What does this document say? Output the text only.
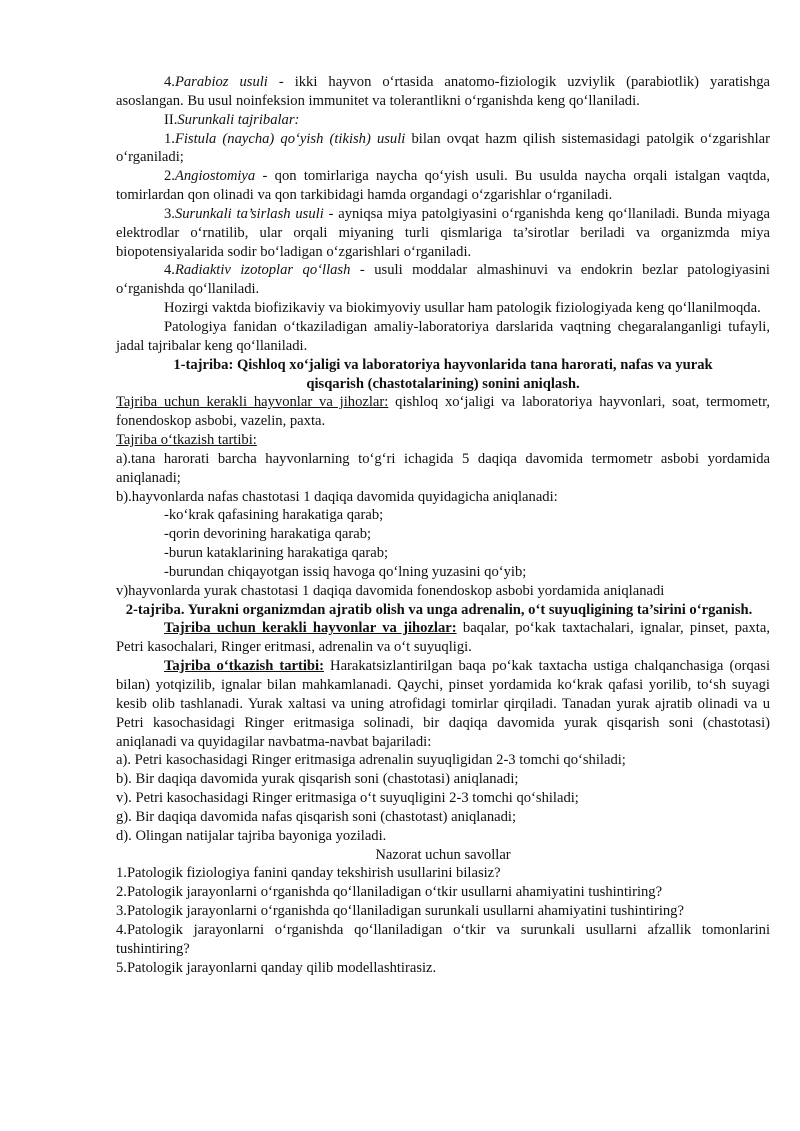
4.Parabioz usuli - ikki hayvon o‘rtasida anatomo-fiziologik uzviylik (parabiotlik) yaratishga asoslangan. Bu usul noinfeksion immunitet va tolerantlikni o‘rganishda keng qo‘llaniladi.

II.Surunkali tajribalar:

1.Fistula (naycha) qo‘yish (tikish) usuli bilan ovqat hazm qilish sistemasidagi patolgik o‘zgarishlar o‘rganiladi;

2.Angiostomiya - qon tomirlariga naycha qo‘yish usuli. Bu usulda naycha orqali istalgan vaqtda, tomirlardan qon olinadi va qon tarkibidagi hamda organdagi o‘zgarishlar o‘rganiladi.

3.Surunkali ta’sirlash usuli - ayniqsa miya patolgiyasini o‘rganishda keng qo‘llaniladi. Bunda miyaga elektrodlar o‘rnatilib, ular orqali miyaning turli qismlariga ta’sirotlar beriladi va organizmda miya biopotensiyalarida sodir bo‘ladigan o‘zgarishlari o‘rganiladi.

4.Radiaktiv izotoplar qo‘llash - usuli moddalar almashinuvi va endokrin bezlar patologiyasini o‘rganishda qo‘llaniladi.

Hozirgi vaktda biofizikaviy va biokimyoviy usullar ham patologik fiziologiyada keng qo‘llanilmoqda.

Patologiya fanidan o‘tkaziladigan amaliy-laboratoriya darslarida vaqtning chegaralanganligi tufayli, jadal tajribalar keng qo‘llaniladi.

1-tajriba: Qishloq xo‘jaligi va laboratoriya hayvonlarida tana harorati, nafas va yurak qisqarish (chastotalarining) sonini aniqlash.

Tajriba uchun kerakli hayvonlar va jihozlar: qishloq xo‘jaligi va laboratoriya hayvonlari, soat, termometr, fonendoskop asbobi, vazelin, paxta.

Tajriba o‘tkazish tartibi:

a).tana harorati barcha hayvonlarning to‘g‘ri ichagida 5 daqiqa davomida termometr asbobi yordamida aniqlanadi;

b).hayvonlarda nafas chastotasi 1 daqiqa davomida quyidagicha aniqlanadi:

-ko‘krak qafasining harakatiga qarab;

-qorin devorining harakatiga qarab;

-burun kataklarining harakatiga qarab;

-burundan chiqayotgan issiq havoga qo‘lning yuzasini qo‘yib;

v)hayvonlarda yurak chastotasi 1 daqiqa davomida fonendoskop asbobi yordamida aniqlanadi

2-tajriba. Yurakni organizmdan ajratib olish va unga adrenalin, o‘t suyuqligining ta’sirini o‘rganish.

Tajriba uchun kerakli hayvonlar va jihozlar: baqalar, po‘kak taxtachalari, ignalar, pinset, paxta, Petri kasochalari, Ringer eritmasi, adrenalin va o‘t suyuqligi.

Tajriba o‘tkazish tartibi: Harakatsizlantirilgan baqa po‘kak taxtacha ustiga chalqanchasiga (orqasi bilan) yotqizilib, ignalar bilan mahkamlanadi. Qaychi, pinset yordamida ko‘krak qafasi yorilib, to‘sh suyagi kesib olib tashlanadi. Yurak xaltasi va uning atrofidagi tomirlar qirqiladi. Tanadan yurak ajratib olinadi va u Petri kasochasidagi Ringer eritmasiga solinadi, bir daqiqa davomida yurak qisqarish soni (chastotasi) aniqlanadi va quyidagilar navbatma-navbat bajariladi:

a). Petri kasochasidagi Ringer eritmasiga adrenalin suyuqligidan 2-3 tomchi qo‘shiladi;

b). Bir daqiqa davomida yurak qisqarish soni (chastotasi) aniqlanadi;

v). Petri kasochasidagi Ringer eritmasiga o‘t suyuqligini 2-3 tomchi qo‘shiladi;

g). Bir daqiqa davomida nafas qisqarish soni (chastotast) aniqlanadi;

d). Olingan natijalar tajriba bayoniga yoziladi.

Nazorat uchun savollar

1.Patologik fiziologiya fanini qanday tekshirish usullarini bilasiz?

2.Patologik jarayonlarni o‘rganishda qo‘llaniladigan o‘tkir usullarni ahamiyatini tushintiring?

3.Patologik jarayonlarni o‘rganishda qo‘llaniladigan surunkali usullarni ahamiyatini tushintiring?

4.Patologik jarayonlarni o‘rganishda qo‘llaniladigan o‘tkir va surunkali usullarni afzallik tomonlarini tushintiring?

5.Patologik jarayonlarni qanday qilib modellashtirasiz.
